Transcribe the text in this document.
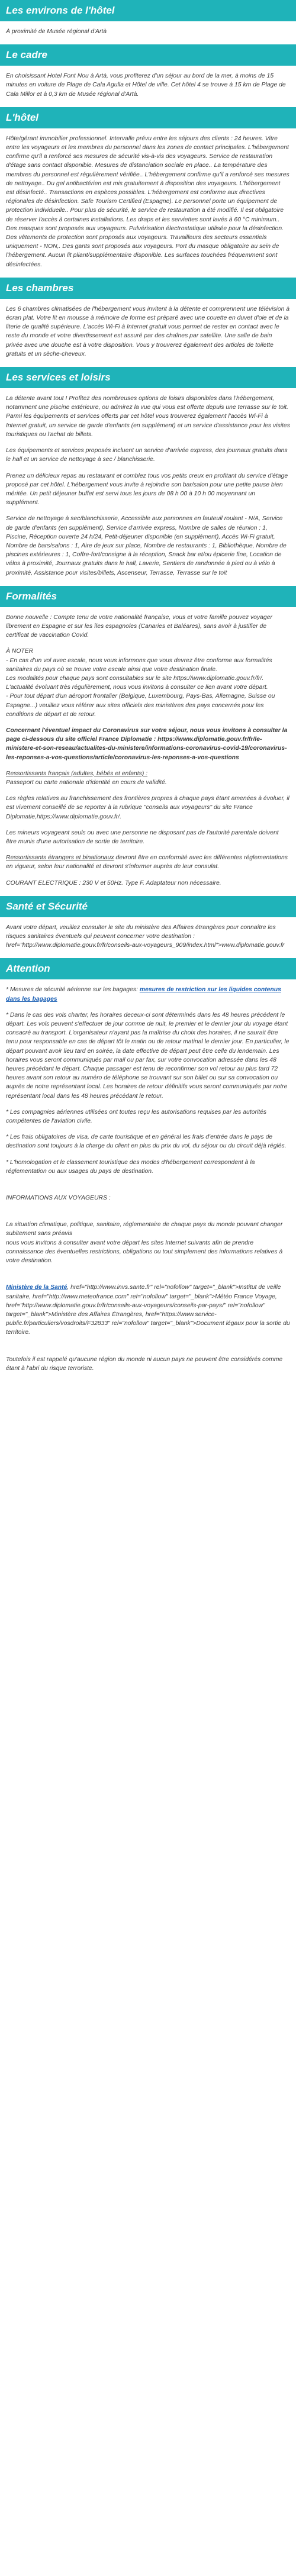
Les environs de l'hôtel

À proximité de Musée régional d'Artà

Le cadre

En choisissant Hotel Font Nou à Artà, vous profiterez d'un séjour au bord de la mer, à moins de 15 minutes en voiture de Plage de Cala Agulla et Hôtel de ville. Cet hôtel 4 se trouve à 15 km de Plage de Cala Millor et à 0,3 km de Musée régional d'Artà.

L'hôtel

Hôte/gérant immobilier professionnel. Intervalle prévu entre les séjours des clients : 24 heures. Vitre entre les voyageurs et les membres du personnel dans les zones de contact principales. L'hébergement confirme qu'il a renforcé ses mesures de sécurité vis-à-vis des voyageurs. Service de restauration d'étage sans contact disponible. Mesures de distanciation sociale en place.. La température des membres du personnel est régulièrement vérifiée.. L'hébergement confirme qu'il a renforcé ses mesures de nettoyage.. Du gel antibactérien est mis gratuitement à disposition des voyageurs. L'hébergement est désinfecté.. Transactions en espèces possibles. L'hébergement est conforme aux directives régionales de désinfection. Safe Tourism Certified (Espagne). Le personnel porte un équipement de protection individuelle.. Pour plus de sécurité, le service de restauration a été modifié. Il est obligatoire de réserver l'accès à certaines installations. Les draps et les serviettes sont lavés à 60 °C minimum.. Des masques sont proposés aux voyageurs. Pulvérisation électrostatique utilisée pour la désinfection. Des vêtements de protection sont proposés aux voyageurs. Travailleurs des secteurs essentiels uniquement - NON,. Des gants sont proposés aux voyageurs. Port du masque obligatoire au sein de l'hébergement. Aucun lit pliant/supplémentaire disponible. Les surfaces touchées fréquemment sont désinfectées.

Les chambres

Les 6 chambres climatisées de l'hébergement vous invitent à la détente et comprennent une télévision à écran plat. Votre lit en mousse à mémoire de forme est préparé avec une couette en duvet d'oie et de la literie de qualité supérieure. L'accès Wi-Fi à Internet gratuit vous permet de rester en contact avec le reste du monde et votre divertissement est assuré par des chaînes par satellite. Une salle de bain privée avec une douche est à votre disposition. Vous y trouverez également des articles de toilette gratuits et un sèche-cheveux.

Les services et loisirs

La détente avant tout ! Profitez des nombreuses options de loisirs disponibles dans l'hébergement, notamment une piscine extérieure, ou admirez la vue qui vous est offerte depuis une terrasse sur le toit. Parmi les équipements et services offerts par cet hôtel vous trouverez également l'accès Wi-Fi à Internet gratuit, un service de garde d'enfants (en supplément) et un service d'assistance pour les visites touristiques ou l'achat de billets.

Les équipements et services proposés incluent un service d'arrivée express, des journaux gratuits dans le hall et un service de nettoyage à sec / blanchisserie.

Prenez un délicieux repas au restaurant et comblez tous vos petits creux en profitant du service d'étage proposé par cet hôtel. L'hébergement vous invite à rejoindre son bar/salon pour une petite pause bien méritée. Un petit déjeuner buffet est servi tous les jours de 08 h 00 à 10 h 00 moyennant un supplément.

Service de nettoyage à sec/blanchisserie, Accessible aux personnes en fauteuil roulant - N/A, Service de garde d'enfants (en supplément), Service d'arrivée express, Nombre de salles de réunion : 1, Piscine, Réception ouverte 24 h/24, Petit-déjeuner disponible (en supplément), Accès Wi-Fi gratuit, Nombre de bars/salons : 1, Aire de jeux sur place, Nombre de restaurants : 1, Bibliothèque, Nombre de piscines extérieures : 1, Coffre-fort/consigne à la réception, Snack bar et/ou épicerie fine, Location de vélos à proximité, Journaux gratuits dans le hall, Laverie, Sentiers de randonnée à pied ou à vélo à proximité, Assistance pour visites/billets, Ascenseur, Terrasse, Terrasse sur le toit

Formalités

Bonne nouvelle : Compte tenu de votre nationalité française, vous et votre famille pouvez voyager librement en Espagne et sur les îles espagnoles (Canaries et Baléares), sans avoir à justifier de certificat de vaccination Covid.

À NOTER
- En cas d'un vol avec escale, nous vous informons que vous devrez être conforme aux formalités sanitaires du pays où se trouve votre escale ainsi que votre destination finale.
Les modalités pour chaque pays sont consultables sur le site https://www.diplomatie.gouv.fr/fr/. L'actualité évoluant très régulièrement, nous vous invitons à consulter ce lien avant votre départ.
- Pour tout départ d'un aéroport frontalier (Belgique, Luxembourg, Pays-Bas, Allemagne, Suisse ou Espagne...) veuillez vous référer aux sites officiels des ministères des pays concernés pour les conditions de départ et de retour.

Concernant l'éventuel impact du Coronavirus sur votre séjour, nous vous invitons à consulter la page ci-dessous du site officiel France Diplomatie : https://www.diplomatie.gouv.fr/fr/le-ministere-et-son-reseau/actualites-du-ministere/informations-coronavirus-covid-19/coronavirus-les-reponses-a-vos-questions/article/coronavirus-les-reponses-a-vos-questions

Ressortissants français (adultes, bébés et enfants) :
Passeport ou carte nationale d'identité en cours de validité.

Les règles relatives au franchissement des frontières propres à chaque pays étant amenées à évoluer, il est vivement conseillé de se reporter à la rubrique "conseils aux voyageurs" du site France Diplomatie,https://www.diplomatie.gouv.fr/.

Les mineurs voyageant seuls ou avec une personne ne disposant pas de l'autorité parentale doivent être munis d'une autorisation de sortie de territoire.

Ressortissants étrangers et binationaux devront être en conformité avec les différentes réglementations en vigueur, selon leur nationalité et devront s'informer auprès de leur consulat.

COURANT ELECTRIQUE : 230 V et 50Hz. Type F. Adaptateur non nécessaire.

Santé et Sécurité

Avant votre départ, veuillez consulter le site du ministère des Affaires étrangères pour connaître les risques sanitaires éventuels qui peuvent concerner votre destination : href="http://www.diplomatie.gouv.fr/fr/conseils-aux-voyageurs_909/index.html">www.diplomatie.gouv.fr

Attention

* Mesures de sécurité aérienne sur les bagages: mesures de restriction sur les liquides contenus dans les bagages

* Dans le cas des vols charter, les horaires deceux-ci sont déterminés dans les 48 heures précédent le départ. Les vols peuvent s'effectuer de jour comme de nuit, le premier et le dernier jour du voyage étant consacré au transport. L'organisateur n'ayant pas la maîtrise du choix des horaires, il ne saurait être tenu pour responsable en cas de départ tôt le matin ou de retour matinal le dernier jour. En particulier, le départ pouvant avoir lieu tard en soirée, la date effective de départ peut être celle du lendemain. Les horaires vous seront communiqués par mail ou par fax, sur votre convocation adressée dans les 48 heures précédant le départ. Chaque passager est tenu de reconfirmer son vol retour au plus tard 72 heures avant son retour au numéro de téléphone se trouvant sur son billet ou sur sa convocation ou auprès de notre représentant local. Les horaires de retour définitifs vous seront communiqués par notre représentant local dans les 48 heures précédant le retour.

* Les compagnies aériennes utilisées ont toutes reçu les autorisations requises par les autorités compétentes de l'aviation civile.

* Les frais obligatoires de visa, de carte touristique et en général les frais d'entrée dans le pays de destination sont toujours à la charge du client en plus du prix du vol, du séjour ou du circuit déjà réglés.

* L'homologation et le classement touristique des modes d'hébergement correspondent à la réglementation ou aux usages du pays de destination.

INFORMATIONS AUX VOYAGEURS :

La situation climatique, politique, sanitaire, réglementaire de chaque pays du monde pouvant changer subitement sans préavis
nous vous invitons à consulter avant votre départ les sites Internet suivants afin de prendre connaissance des éventuelles restrictions, obligations ou tout simplement des informations relatives à votre destination.

Ministère de la Santé, href="http://www.invs.sante.fr" rel="nofollow" target="_blank">Institut de veille sanitaire, href="http://www.meteofrance.com" rel="nofollow" target="_blank">Météo France Voyage, href="http://www.diplomatie.gouv.fr/fr/conseils-aux-voyageurs/conseils-par-pays/" rel="nofollow" target="_blank">Ministère des Affaires Étrangères, href="https://www.service-public.fr/particuliers/vosdroits/F32833" rel="nofollow" target="_blank">Document légaux pour la sortie du territoire.

Toutefois il est rappelé qu'aucune région du monde ni aucun pays ne peuvent être considérés comme étant à l'abri du risque terroriste.
